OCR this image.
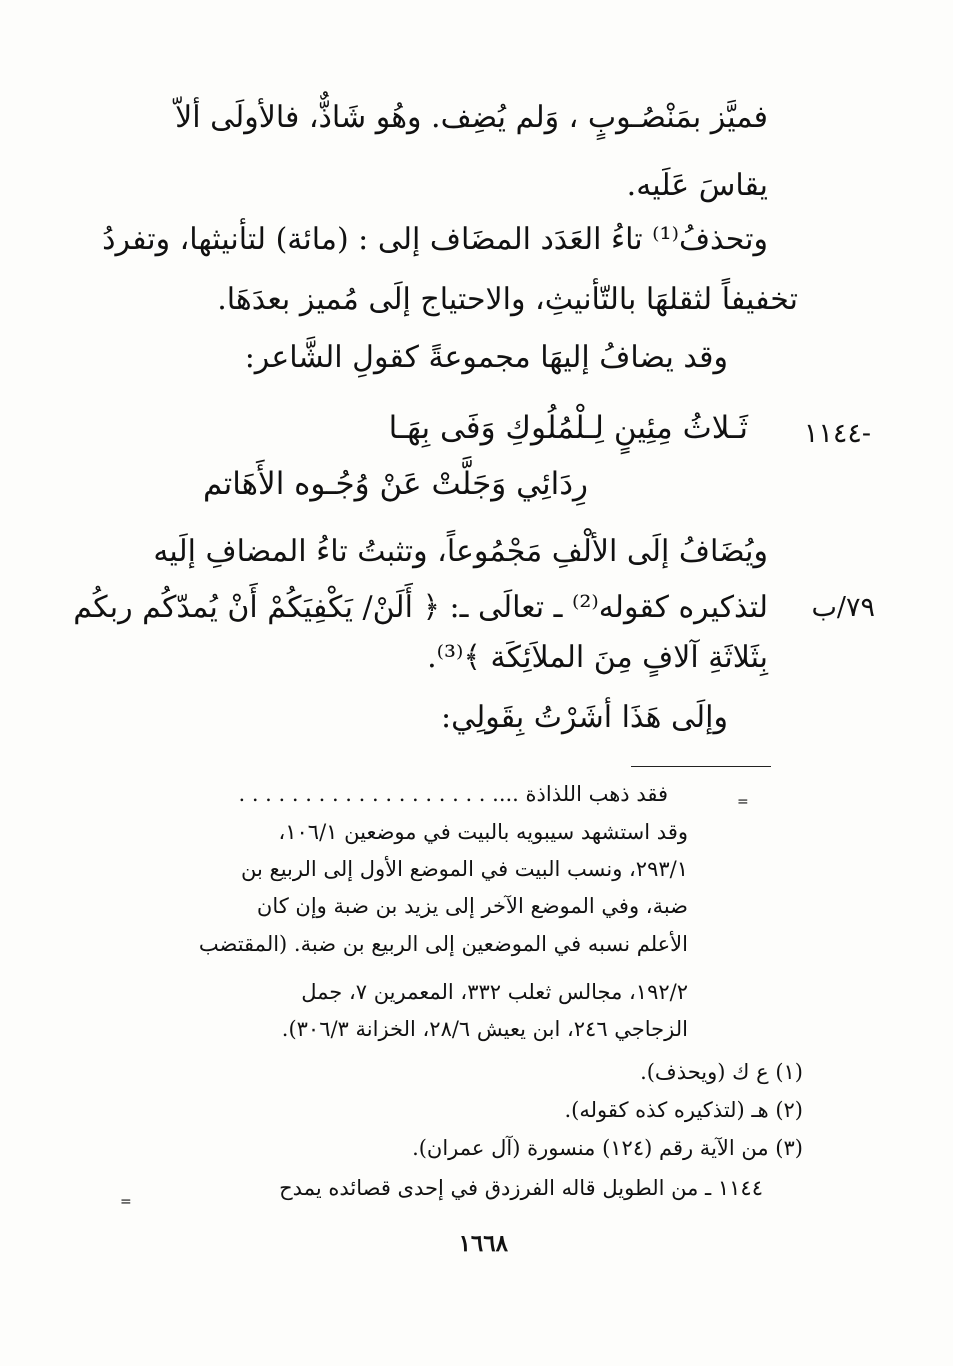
فميَّز بمَنْصُـوبٍ ، وَلم يُضِف. وهُو شَاذٌّ، فالأولَى ألاّ
يقاسَ عَلَيه.
وتحذفُ⁽¹⁾ تاءُ العَدَد المضَاف إلى : (مائة) لتأنيثها، وتفردُ
تخفيفاً لثقلهَا بالتّأنيثِ، والاحتياج إلَى مُميز بعدَهَا.
وقد يضافُ إليهَا مجموعةً كقولِ الشَّاعر:
١١٤٤-
ثَـلاثُ مِئِينٍ لِـلْمُلُوكِ وَفَى بِهَـا
رِدَائِي وَجَلَّتْ عَنْ وُجُـوه الأَهَاتم
ويُضَافُ إلَى الألْفِ مَجْمُوعاً، وتثبتُ تاءُ المضافِ إلَيه
٧٩/ب
لتذكيره كقوله⁽²⁾ ـ تعالَى ـ: ﴿ أَلَنْ/ يَكْفِيَكُمْ أَنْ يُمدّكُم ربكُم
بِثَلاثَةِ آلافٍ مِنَ الملاَئِكَة ﴾⁽³⁾.
وإلَى هَذَا أشَرْتُ بِقَولِي:
=
فقد ذهب اللذاذة .... . . . . . . . . . . . . . . . . . . .
وقد استشهد سيبويه بالبيت في موضعين ١٠٦/١،
٢٩٣/١، ونسب البيت في الموضع الأول إلى الربيع بن
ضبة، وفي الموضع الآخر إلى يزيد بن ضبة وإن كان
الأعلم نسبه في الموضعين إلى الربيع بن ضبة. (المقتضب
١٩٢/٢، مجالس ثعلب ٣٣٢، المعمرين ٧، جمل
الزجاجي ٢٤٦، ابن يعيش ٢٨/٦، الخزانة ٣٠٦/٣).
(١) ع ك (ويحذف).
(٢) هـ (لتذكيره كذه كقوله).
(٣) من الآية رقم (١٢٤) منسورة (آل عمران).
١١٤٤ ـ من الطويل قاله الفرزدق في إحدى قصائده يمدح
=
١٦٦٨
